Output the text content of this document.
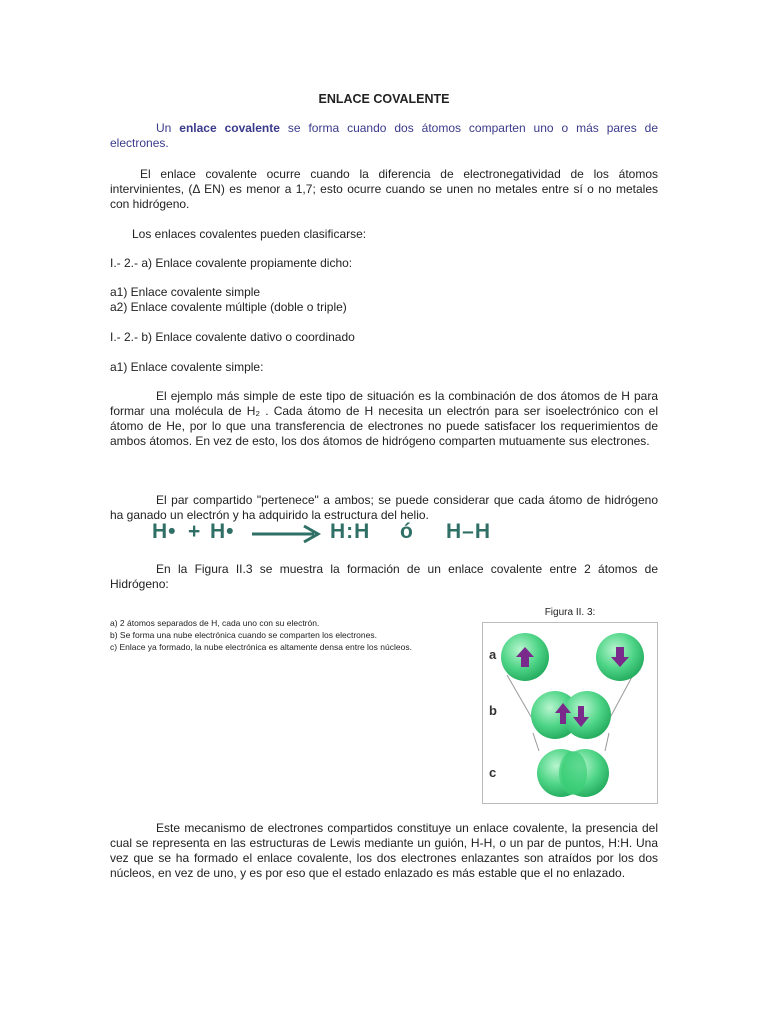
ENLACE COVALENTE
Un enlace covalente se forma cuando dos átomos comparten uno o más pares de electrones.
El enlace covalente ocurre cuando la diferencia de electronegatividad de los átomos intervinientes, (Δ EN) es menor a 1,7; esto ocurre cuando se unen no metales entre sí o no metales con hidrógeno.
Los enlaces covalentes pueden clasificarse:
I.- 2.- a) Enlace covalente propiamente dicho:
a1) Enlace covalente simple
a2) Enlace covalente múltiple (doble o triple)
I.- 2.- b) Enlace covalente dativo o coordinado
a1) Enlace covalente simple:
El ejemplo más simple de este tipo de situación es la combinación de dos átomos de H para formar una molécula de H₂ . Cada átomo de H necesita un electrón para ser isoelectrónico con el átomo de He, por lo que una transferencia de electrones no puede satisfacer los requerimientos de ambos átomos. En vez de esto, los dos átomos de hidrógeno comparten mutuamente sus electrones.
El par compartido "pertenece" a ambos; se puede considerar que cada átomo de hidrógeno ha ganado un electrón y ha adquirido la estructura del helio.
H• + H• → H:H ó H–H
En la Figura II.3 se muestra la formación de un enlace covalente entre 2 átomos de Hidrógeno:
a) 2 átomos separados de H, cada uno con su electrón.
b) Se forma una nube electrónica cuando se comparten los electrones.
c) Enlace ya formado, la nube electrónica es altamente densa entre los núcleos.
Figura II. 3:
a
b
c
Este mecanismo de electrones compartidos constituye un enlace covalente, la presencia del cual se representa en las estructuras de Lewis mediante un guión, H-H, o un par de puntos, H:H. Una vez que se ha formado el enlace covalente, los dos electrones enlazantes son atraídos por los dos núcleos, en vez de uno, y es por eso que el estado enlazado es más estable que el no enlazado.
